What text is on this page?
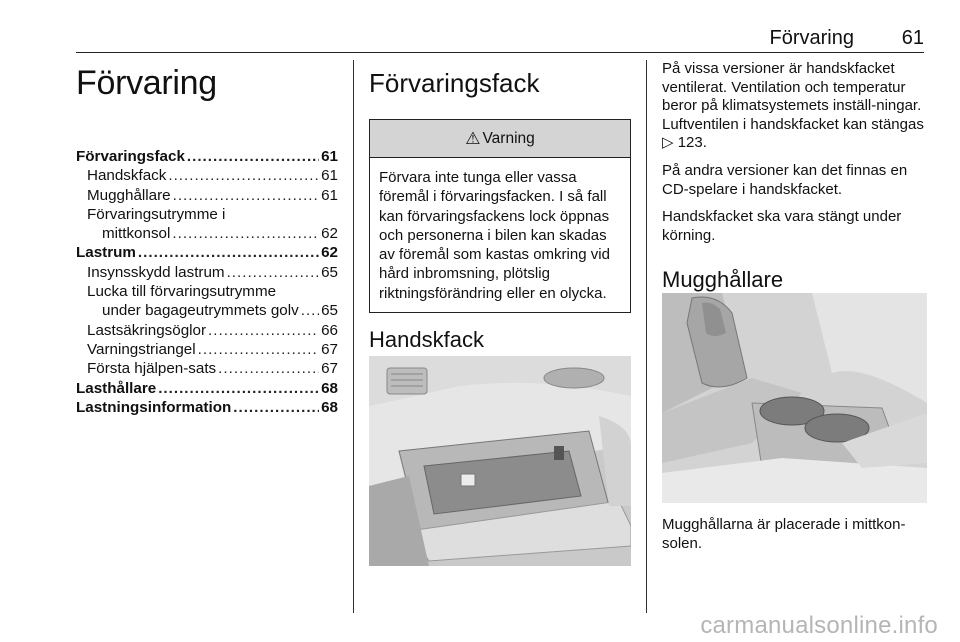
Förvaring 61
Förvaring
Förvaringsfack .....	61
Handskfack .....	61
Mugghållare .....	61
Förvaringsutrymme i
mittkonsol .....	62
Lastrum .....	62
Insynsskydd lastrum .....	65
Lucka till förvaringsutrymme
under bagageutrymmets golv ..... 65
Lastsäkringsöglor .....	66
Varningstriangel .....	67
Första hjälpen-sats .....	67
Lasthållare .....	68
Lastningsinformation .....	68
Förvaringsfack
⚠ Varning
Förvara inte tunga eller vassa föremål i förvaringsfacken. I så fall kan förvaringsfackens lock öppnas och personerna i bilen kan skadas av föremål som kastas omkring vid hård inbromsning, plötslig riktningsförändring eller en olycka.
Handskfack

På vissa versioner är handskfacket ventilerat. Ventilation och temperatur beror på klimatsystemets inställ-ningar. Luftventilen i handskfacket kan stängas ▷ 123.

På andra versioner kan det finnas en CD-spelare i handskfacket.

Handskfacket ska vara stängt under körning.

Mugghållare
Mugghållarna är placerade i mittkon-solen.
carmanualsonline.info
